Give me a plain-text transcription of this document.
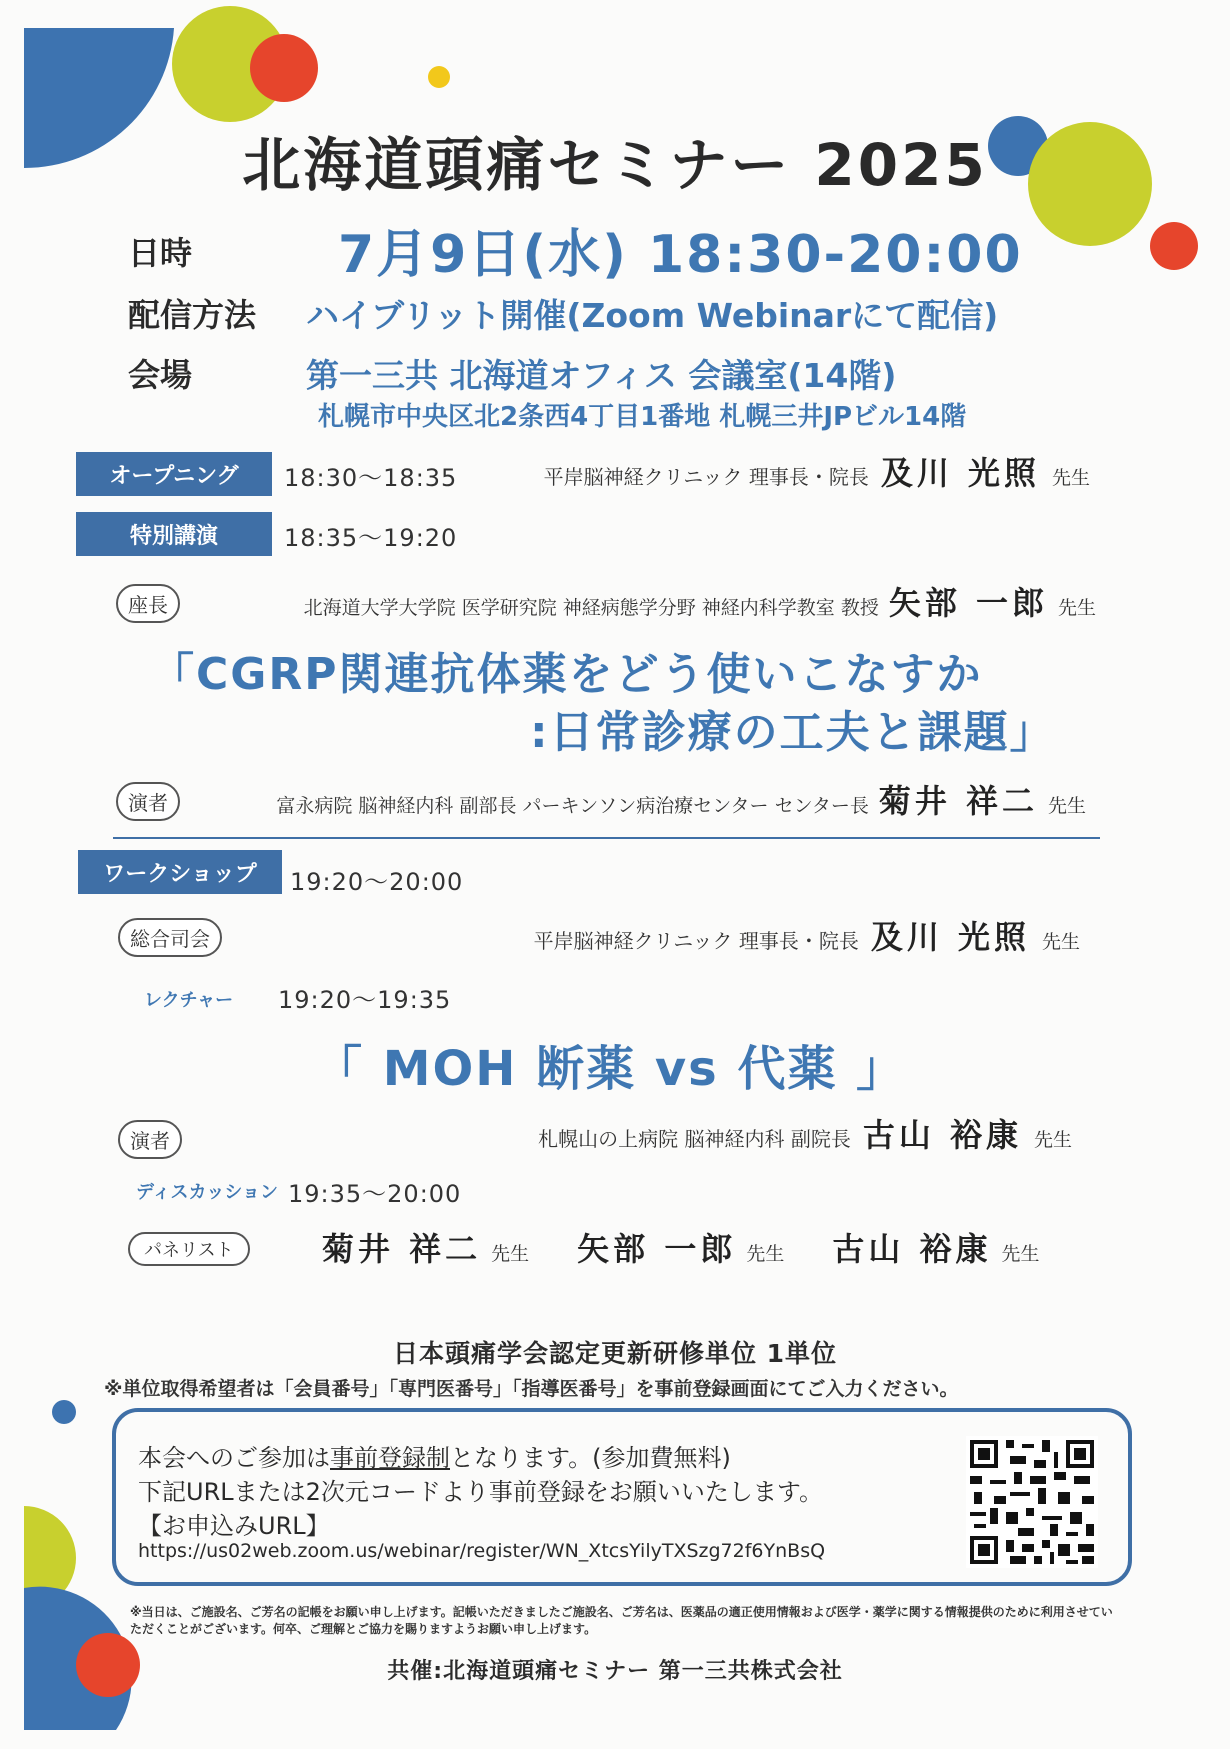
北海道頭痛セミナー 2025
日時	7月9日(水) 18:30-20:00
配信方法 ハイブリット開催(Zoom Webinarにて配信)
会場	第一三共 北海道オフィス 会議室(14階)
札幌市中央区北2条西4丁目1番地 札幌三井JPビル14階
オープニング	18:30〜18:35	平岸脳神経クリニック 理事長・院長 及川 光照 先生
特別講演	18:35〜19:20
座長	北海道大学大学院 医学研究院 神経病態学分野 神経内科学教室 教授 矢部 一郎 先生
「CGRP関連抗体薬をどう使いこなすか
:日常診療の工夫と課題」
演者	富永病院 脳神経内科 副部長 パーキンソン病治療センター センター長 菊井 祥二 先生
ワークショップ	19:20〜20:00
総合司会	平岸脳神経クリニック 理事長・院長 及川 光照 先生
レクチャー 19:20〜19:35
「 MOH 断薬 vs 代薬 」
演者	札幌山の上病院 脳神経内科 副院長 古山 裕康 先生
ディスカッション 19:35〜20:00
パネリスト	菊井 祥二 先生 矢部 一郎 先生 古山 裕康 先生
日本頭痛学会認定更新研修単位 1単位
※単位取得希望者は「会員番号」「専門医番号」「指導医番号」を事前登録画面にてご入力ください。
本会へのご参加は事前登録制となります。(参加費無料)
下記URLまたは2次元コードより事前登録をお願いいたします。
【お申込みURL】
https://us02web.zoom.us/webinar/register/WN_XtcsYilyTXSzg72f6YnBsQ
※当日は、ご施設名、ご芳名の記帳をお願い申し上げます。記帳いただきましたご施設名、ご芳名は、医薬品の適正使用情報および医学・薬学に関する情報提供のために利用させていただくことがございます。何卒、ご理解とご協力を賜りますようお願い申し上げます。
共催:北海道頭痛セミナー 第一三共株式会社
